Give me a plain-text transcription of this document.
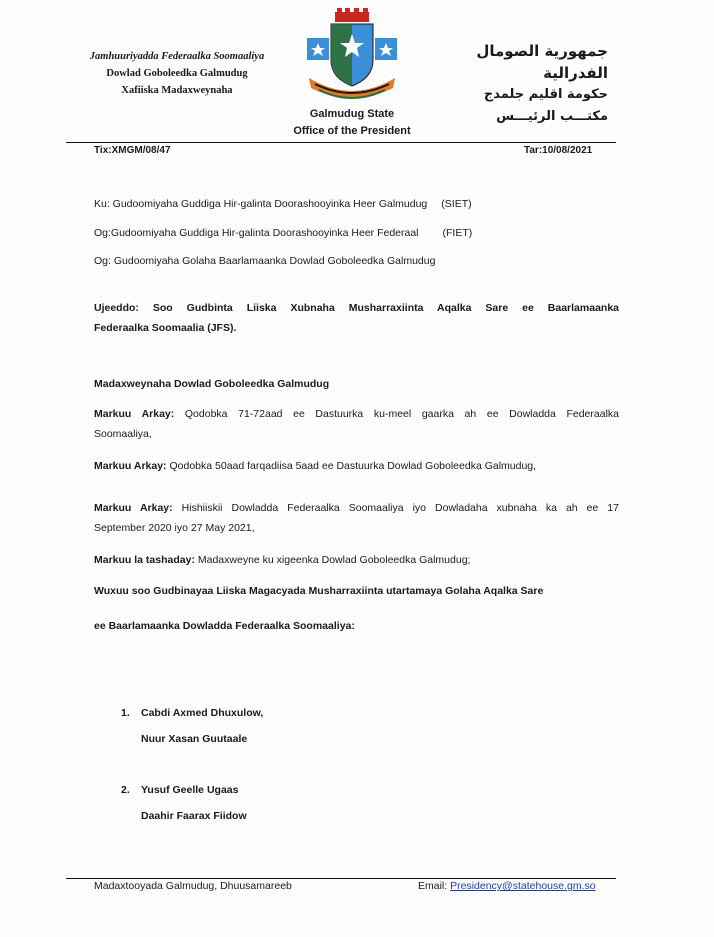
Jamhuuriyadda Federaalka Soomaaliya
Dowlad Goboleedka Galmudug
Xafiiska Madaxweynaha
جمهورية الصومال الفدرالية
حكومة اقليم جلمدج
مكتـــب الرئيـــس
Galmudug State
Office of the President
Tix:XMGM/08/47	Tar:10/08/2021
Ku: Gudoomiyaha Guddiga Hir-galinta Doorashooyinka Heer Galmudug (SIET)
Og:Gudoomiyaha Guddiga Hir-galinta Doorashooyinka Heer Federaal (FIET)
Og: Gudoomiyaha Golaha Baarlamaanka Dowlad Goboleedka Galmudug
Ujeeddo: Soo Gudbinta Liiska Xubnaha Musharraxiinta Aqalka Sare ee Baarlamaanka
Federaalka Soomaalia (JFS).
Madaxweynaha Dowlad Goboleedka Galmudug
Markuu Arkay: Qodobka 71-72aad ee Dastuurka ku-meel gaarka ah ee Dowladda Federaalka
Soomaaliya,
Markuu Arkay: Qodobka 50aad farqadiisa 5aad ee Dastuurka Dowlad Goboleedka Galmudug,
Markuu Arkay: Hishiiskii Dowladda Federaalka Soomaaliya iyo Dowladaha xubnaha ka ah ee 17
September 2020 iyo 27 May 2021,
Markuu la tashaday: Madaxweyne ku xigeenka Dowlad Goboleedka Galmudug;
Wuxuu soo Gudbinayaa Liiska Magacyada Musharraxiinta utartamaya Golaha Aqalka Sare
ee Baarlamaanka Dowladda Federaalka Soomaaliya:
1. Cabdi Axmed Dhuxulow,
Nuur Xasan Guutaale
2. Yusuf Geelle Ugaas
Daahir Faarax Fiidow
Madaxtooyada Galmudug, Dhuusamareeb	Email: Presidency@statehouse.gm.so
